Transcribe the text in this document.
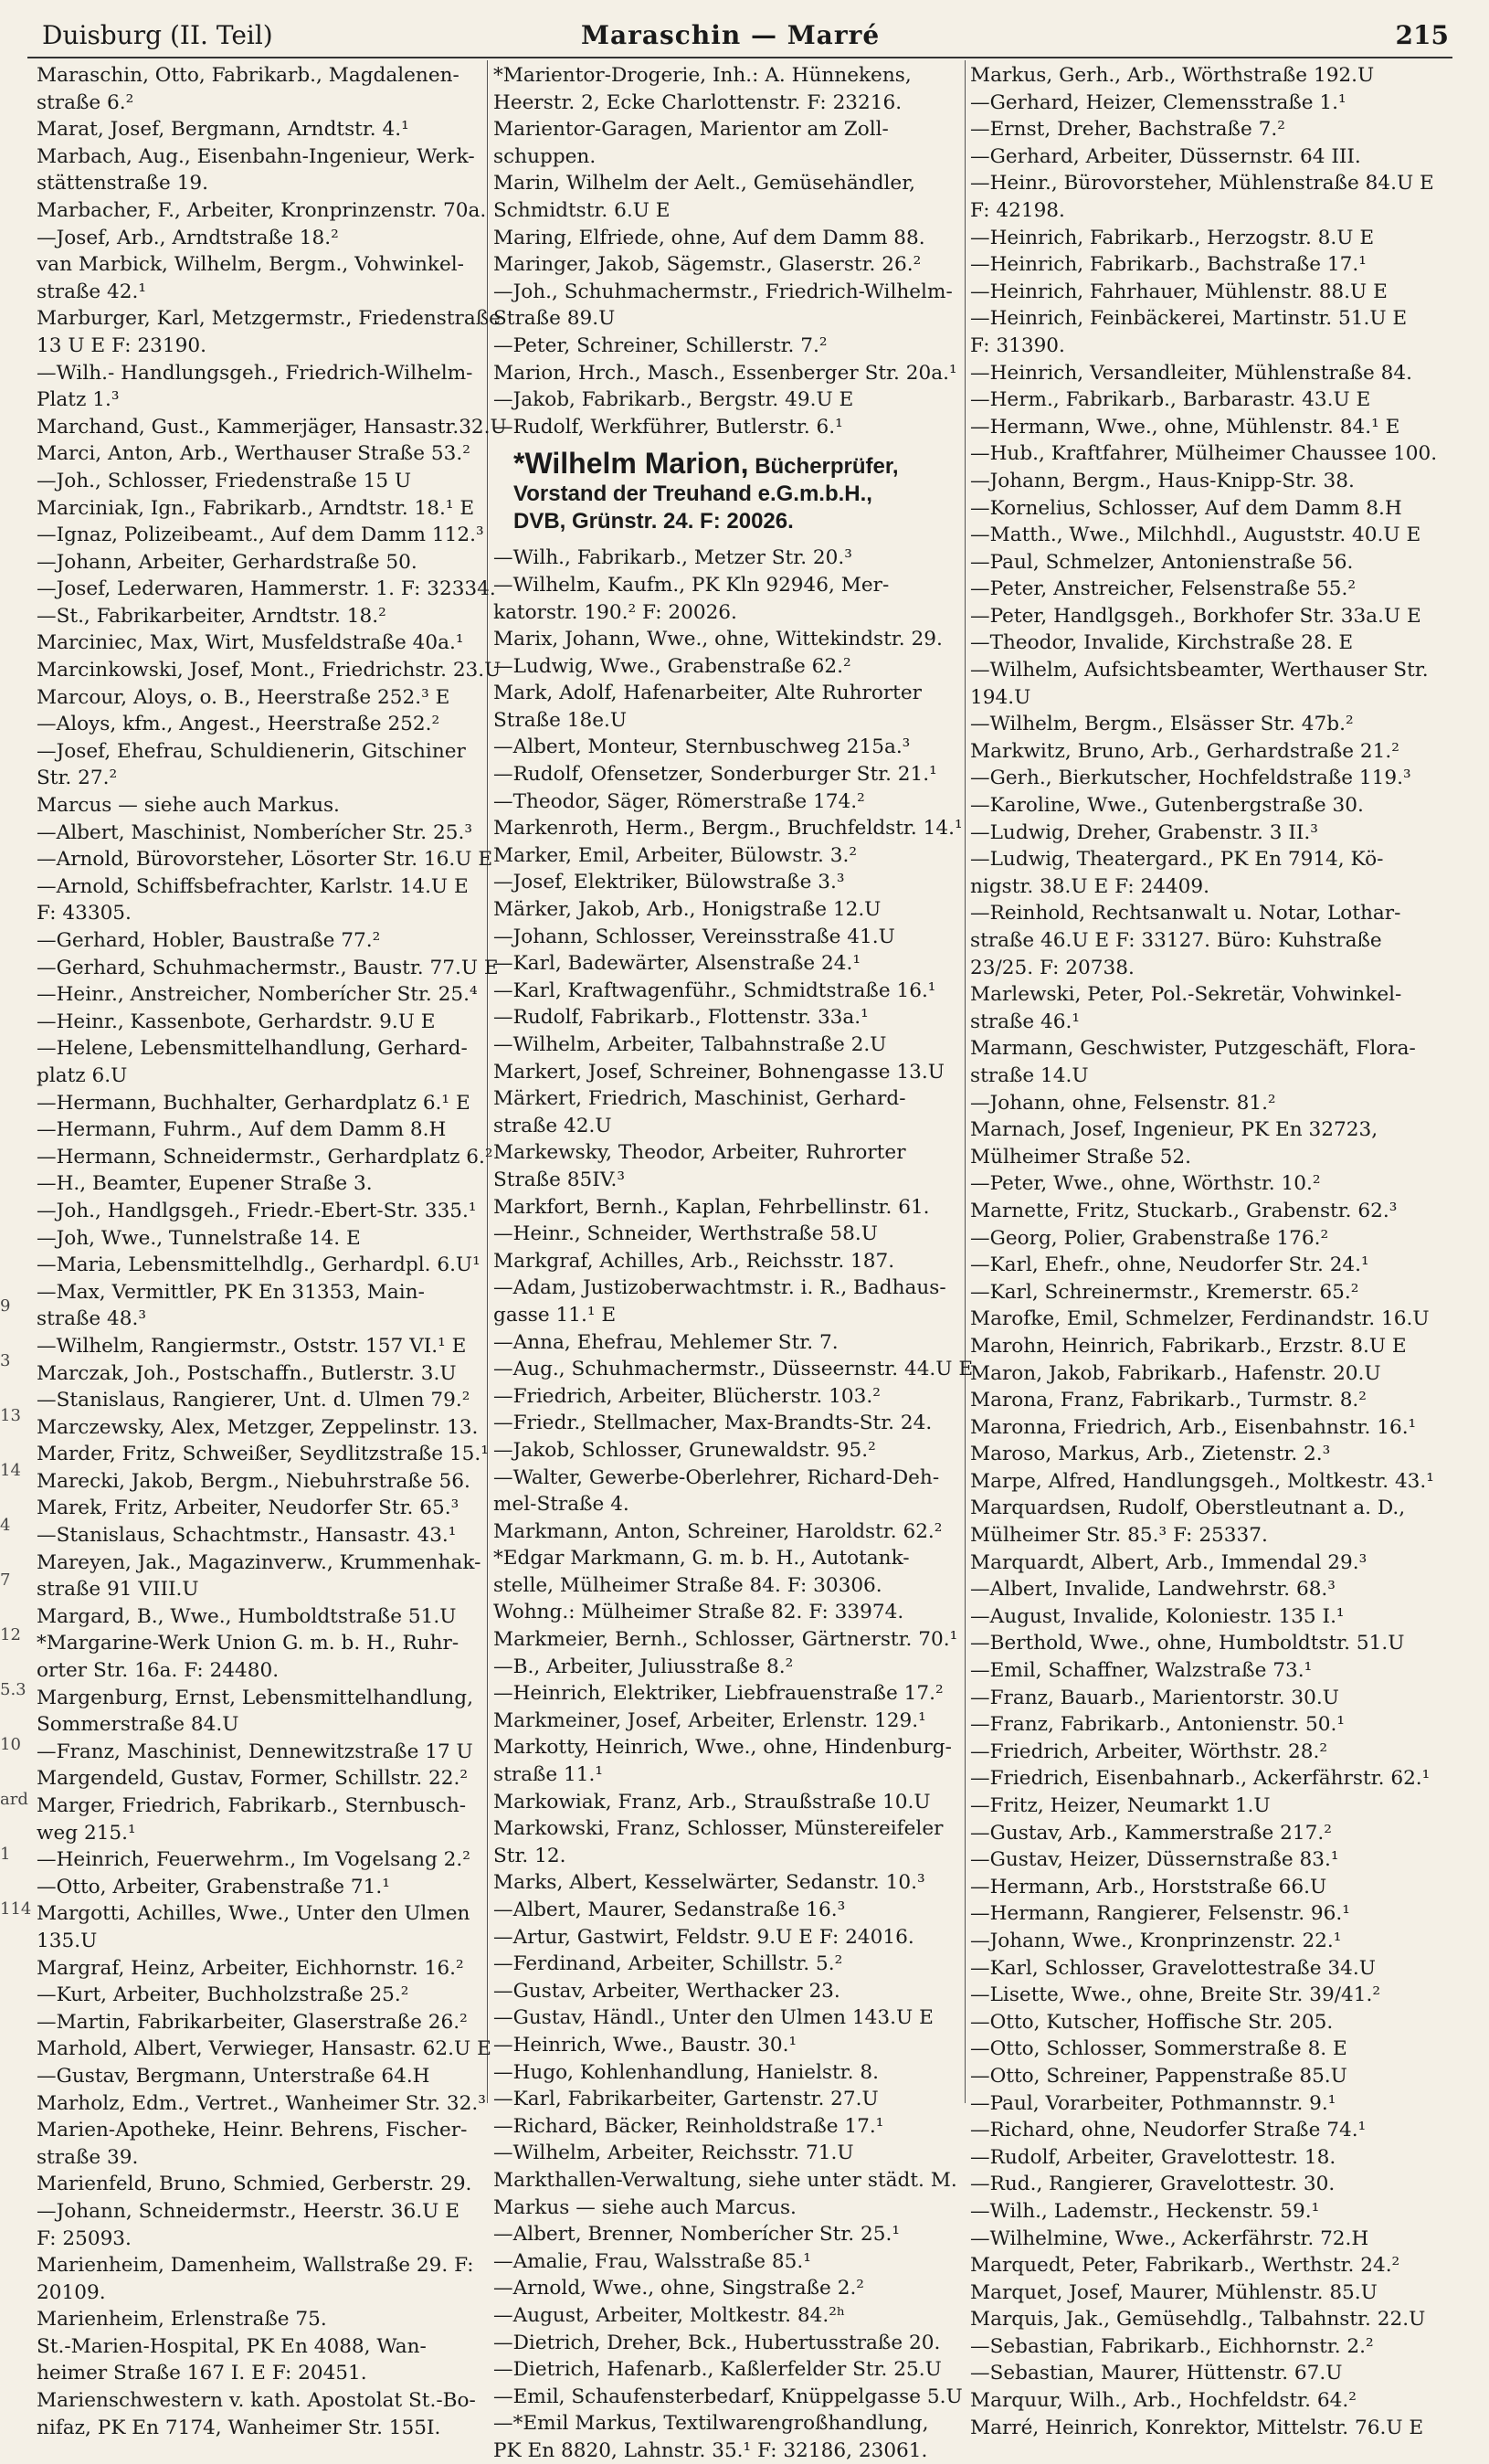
Duisburg (II. Teil)	Maraschin — Marré	215
9
3
13
14
4
7
12
5.3
10
ard
1
114
Maraschin, Otto, Fabrikarb., Magdalenen-
straße 6.²
Marat, Josef, Bergmann, Arndtstr. 4.¹
Marbach, Aug., Eisenbahn-Ingenieur, Werk-
stättenstraße 19.
Marbacher, F., Arbeiter, Kronprinzenstr. 70a.
—Josef, Arb., Arndtstraße 18.²
van Marbick, Wilhelm, Bergm., Vohwinkel-
straße 42.¹
Marburger, Karl, Metzgermstr., Friedenstraße
13 U E F: 23190.
—Wilh.- Handlungsgeh., Friedrich-Wilhelm-
Platz 1.³
Marchand, Gust., Kammerjäger, Hansastr.32.U
Marci, Anton, Arb., Werthauser Straße 53.²
—Joh., Schlosser, Friedenstraße 15 U
Marciniak, Ign., Fabrikarb., Arndtstr. 18.¹ E
—Ignaz, Polizeibeamt., Auf dem Damm 112.³
—Johann, Arbeiter, Gerhardstraße 50.
—Josef, Lederwaren, Hammerstr. 1. F: 32334.
—St., Fabrikarbeiter, Arndtstr. 18.²
Marciniec, Max, Wirt, Musfeldstraße 40a.¹
Marcinkowski, Josef, Mont., Friedrichstr. 23.U
Marcour, Aloys, o. B., Heerstraße 252.³ E
—Aloys, kfm., Angest., Heerstraße 252.²
—Josef, Ehefrau, Schuldienerin, Gitschiner
Str. 27.²
Marcus — siehe auch Markus.
—Albert, Maschinist, Nomberícher Str. 25.³
—Arnold, Bürovorsteher, Lösorter Str. 16.U E
—Arnold, Schiffsbefrachter, Karlstr. 14.U E
F: 43305.
—Gerhard, Hobler, Baustraße 77.²
—Gerhard, Schuhmachermstr., Baustr. 77.U E
—Heinr., Anstreicher, Nomberícher Str. 25.⁴
—Heinr., Kassenbote, Gerhardstr. 9.U E
—Helene, Lebensmittelhandlung, Gerhard-
platz 6.U
—Hermann, Buchhalter, Gerhardplatz 6.¹ E
—Hermann, Fuhrm., Auf dem Damm 8.H
—Hermann, Schneidermstr., Gerhardplatz 6.²
—H., Beamter, Eupener Straße 3.
—Joh., Handlgsgeh., Friedr.-Ebert-Str. 335.¹
—Joh, Wwe., Tunnelstraße 14. E
—Maria, Lebensmittelhdlg., Gerhardpl. 6.U¹
—Max, Vermittler, PK En 31353, Main-
straße 48.³
—Wilhelm, Rangiermstr., Oststr. 157 VI.¹ E
Marczak, Joh., Postschaffn., Butlerstr. 3.U
—Stanislaus, Rangierer, Unt. d. Ulmen 79.²
Marczewsky, Alex, Metzger, Zeppelinstr. 13.
Marder, Fritz, Schweißer, Seydlitzstraße 15.¹
Marecki, Jakob, Bergm., Niebuhrstraße 56.
Marek, Fritz, Arbeiter, Neudorfer Str. 65.³
—Stanislaus, Schachtmstr., Hansastr. 43.¹
Mareyen, Jak., Magazinverw., Krummenhak-
straße 91 VIII.U
Margard, B., Wwe., Humboldtstraße 51.U
*Margarine-Werk Union G. m. b. H., Ruhr-
orter Str. 16a. F: 24480.
Margenburg, Ernst, Lebensmittelhandlung,
Sommerstraße 84.U
—Franz, Maschinist, Dennewitzstraße 17 U
Margendeld, Gustav, Former, Schillstr. 22.²
Marger, Friedrich, Fabrikarb., Sternbusch-
weg 215.¹
—Heinrich, Feuerwehrm., Im Vogelsang 2.²
—Otto, Arbeiter, Grabenstraße 71.¹
Margotti, Achilles, Wwe., Unter den Ulmen
135.U
Margraf, Heinz, Arbeiter, Eichhornstr. 16.²
—Kurt, Arbeiter, Buchholzstraße 25.²
—Martin, Fabrikarbeiter, Glaserstraße 26.²
Marhold, Albert, Verwieger, Hansastr. 62.U E
—Gustav, Bergmann, Unterstraße 64.H
Marholz, Edm., Vertret., Wanheimer Str. 32.³
Marien-Apotheke, Heinr. Behrens, Fischer-
straße 39.
Marienfeld, Bruno, Schmied, Gerberstr. 29.
—Johann, Schneidermstr., Heerstr. 36.U E
F: 25093.
Marienheim, Damenheim, Wallstraße 29. F:
20109.
Marienheim, Erlenstraße 75.
St.-Marien-Hospital, PK En 4088, Wan-
heimer Straße 167 I. E F: 20451.
Marienschwestern v. kath. Apostolat St.-Bo-
nifaz, PK En 7174, Wanheimer Str. 155I.
*Marientor-Drogerie, Inh.: A. Hünnekens,
Heerstr. 2, Ecke Charlottenstr. F: 23216.
Marientor-Garagen, Marientor am Zoll-
schuppen.
Marin, Wilhelm der Aelt., Gemüsehändler,
Schmidtstr. 6.U E
Maring, Elfriede, ohne, Auf dem Damm 88.
Maringer, Jakob, Sägemstr., Glaserstr. 26.²
—Joh., Schuhmachermstr., Friedrich-Wilhelm-
Straße 89.U
—Peter, Schreiner, Schillerstr. 7.²
Marion, Hrch., Masch., Essenberger Str. 20a.¹
—Jakob, Fabrikarb., Bergstr. 49.U E
—Rudolf, Werkführer, Butlerstr. 6.¹
*Wilhelm Marion, Bücherprüfer,
Vorstand der Treuhand e.G.m.b.H.,
DVB, Grünstr. 24. F: 20026.
—Wilh., Fabrikarb., Metzer Str. 20.³
—Wilhelm, Kaufm., PK Kln 92946, Mer-
katorstr. 190.² F: 20026.
Marix, Johann, Wwe., ohne, Wittekindstr. 29.
—Ludwig, Wwe., Grabenstraße 62.²
Mark, Adolf, Hafenarbeiter, Alte Ruhrorter
Straße 18e.U
—Albert, Monteur, Sternbuschweg 215a.³
—Rudolf, Ofensetzer, Sonderburger Str. 21.¹
—Theodor, Säger, Römerstraße 174.²
Markenroth, Herm., Bergm., Bruchfeldstr. 14.¹
Marker, Emil, Arbeiter, Bülowstr. 3.²
—Josef, Elektriker, Bülowstraße 3.³
Märker, Jakob, Arb., Honigstraße 12.U
—Johann, Schlosser, Vereinsstraße 41.U
—Karl, Badewärter, Alsenstraße 24.¹
—Karl, Kraftwagenführ., Schmidtstraße 16.¹
—Rudolf, Fabrikarb., Flottenstr. 33a.¹
—Wilhelm, Arbeiter, Talbahnstraße 2.U
Markert, Josef, Schreiner, Bohnengasse 13.U
Märkert, Friedrich, Maschinist, Gerhard-
straße 42.U
Markewsky, Theodor, Arbeiter, Ruhrorter
Straße 85IV.³
Markfort, Bernh., Kaplan, Fehrbellinstr. 61.
—Heinr., Schneider, Werthstraße 58.U
Markgraf, Achilles, Arb., Reichsstr. 187.
—Adam, Justizoberwachtmstr. i. R., Badhaus-
gasse 11.¹ E
—Anna, Ehefrau, Mehlemer Str. 7.
—Aug., Schuhmachermstr., Düsseernstr. 44.U E
—Friedrich, Arbeiter, Blücherstr. 103.²
—Friedr., Stellmacher, Max-Brandts-Str. 24.
—Jakob, Schlosser, Grunewaldstr. 95.²
—Walter, Gewerbe-Oberlehrer, Richard-Deh-
mel-Straße 4.
Markmann, Anton, Schreiner, Haroldstr. 62.²
*Edgar Markmann, G. m. b. H., Autotank-
stelle, Mülheimer Straße 84. F: 30306.
Wohng.: Mülheimer Straße 82. F: 33974.
Markmeier, Bernh., Schlosser, Gärtnerstr. 70.¹
—B., Arbeiter, Juliusstraße 8.²
—Heinrich, Elektriker, Liebfrauenstraße 17.²
Markmeiner, Josef, Arbeiter, Erlenstr. 129.¹
Markotty, Heinrich, Wwe., ohne, Hindenburg-
straße 11.¹
Markowiak, Franz, Arb., Straußstraße 10.U
Markowski, Franz, Schlosser, Münstereifeler
Str. 12.
Marks, Albert, Kesselwärter, Sedanstr. 10.³
—Albert, Maurer, Sedanstraße 16.³
—Artur, Gastwirt, Feldstr. 9.U E F: 24016.
—Ferdinand, Arbeiter, Schillstr. 5.²
—Gustav, Arbeiter, Werthacker 23.
—Gustav, Händl., Unter den Ulmen 143.U E
—Heinrich, Wwe., Baustr. 30.¹
—Hugo, Kohlenhandlung, Hanielstr. 8.
—Karl, Fabrikarbeiter, Gartenstr. 27.U
—Richard, Bäcker, Reinholdstraße 17.¹
—Wilhelm, Arbeiter, Reichsstr. 71.U
Markthallen-Verwaltung, siehe unter städt. M.
Markus — siehe auch Marcus.
—Albert, Brenner, Nomberícher Str. 25.¹
—Amalie, Frau, Walsstraße 85.¹
—Arnold, Wwe., ohne, Singstraße 2.²
—August, Arbeiter, Moltkestr. 84.²ʰ
—Dietrich, Dreher, Bck., Hubertusstraße 20.
—Dietrich, Hafenarb., Kaßlerfelder Str. 25.U
—Emil, Schaufensterbedarf, Knüppelgasse 5.U
—*Emil Markus, Textilwarengroßhandlung,
PK En 8820, Lahnstr. 35.¹ F: 32186, 23061.
Markus, Gerh., Arb., Wörthstraße 192.U
—Gerhard, Heizer, Clemensstraße 1.¹
—Ernst, Dreher, Bachstraße 7.²
—Gerhard, Arbeiter, Düssernstr. 64 III.
—Heinr., Bürovorsteher, Mühlenstraße 84.U E
F: 42198.
—Heinrich, Fabrikarb., Herzogstr. 8.U E
—Heinrich, Fabrikarb., Bachstraße 17.¹
—Heinrich, Fahrhauer, Mühlenstr. 88.U E
—Heinrich, Feinbäckerei, Martinstr. 51.U E
F: 31390.
—Heinrich, Versandleiter, Mühlenstraße 84.
—Herm., Fabrikarb., Barbarastr. 43.U E
—Hermann, Wwe., ohne, Mühlenstr. 84.¹ E
—Hub., Kraftfahrer, Mülheimer Chaussee 100.
—Johann, Bergm., Haus-Knipp-Str. 38.
—Kornelius, Schlosser, Auf dem Damm 8.H
—Matth., Wwe., Milchhdl., Auguststr. 40.U E
—Paul, Schmelzer, Antonienstraße 56.
—Peter, Anstreicher, Felsenstraße 55.²
—Peter, Handlgsgeh., Borkhofer Str. 33a.U E
—Theodor, Invalide, Kirchstraße 28. E
—Wilhelm, Aufsichtsbeamter, Werthauser Str.
194.U
—Wilhelm, Bergm., Elsässer Str. 47b.²
Markwitz, Bruno, Arb., Gerhardstraße 21.²
—Gerh., Bierkutscher, Hochfeldstraße 119.³
—Karoline, Wwe., Gutenbergstraße 30.
—Ludwig, Dreher, Grabenstr. 3 II.³
—Ludwig, Theatergard., PK En 7914, Kö-
nigstr. 38.U E F: 24409.
—Reinhold, Rechtsanwalt u. Notar, Lothar-
straße 46.U E F: 33127. Büro: Kuhstraße
23/25. F: 20738.
Marlewski, Peter, Pol.-Sekretär, Vohwinkel-
straße 46.¹
Marmann, Geschwister, Putzgeschäft, Flora-
straße 14.U
—Johann, ohne, Felsenstr. 81.²
Marnach, Josef, Ingenieur, PK En 32723,
Mülheimer Straße 52.
—Peter, Wwe., ohne, Wörthstr. 10.²
Marnette, Fritz, Stuckarb., Grabenstr. 62.³
—Georg, Polier, Grabenstraße 176.²
—Karl, Ehefr., ohne, Neudorfer Str. 24.¹
—Karl, Schreinermstr., Kremerstr. 65.²
Marofke, Emil, Schmelzer, Ferdinandstr. 16.U
Marohn, Heinrich, Fabrikarb., Erzstr. 8.U E
Maron, Jakob, Fabrikarb., Hafenstr. 20.U
Marona, Franz, Fabrikarb., Turmstr. 8.²
Maronna, Friedrich, Arb., Eisenbahnstr. 16.¹
Maroso, Markus, Arb., Zietenstr. 2.³
Marpe, Alfred, Handlungsgeh., Moltkestr. 43.¹
Marquardsen, Rudolf, Oberstleutnant a. D.,
Mülheimer Str. 85.³ F: 25337.
Marquardt, Albert, Arb., Immendal 29.³
—Albert, Invalide, Landwehrstr. 68.³
—August, Invalide, Koloniestr. 135 I.¹
—Berthold, Wwe., ohne, Humboldtstr. 51.U
—Emil, Schaffner, Walzstraße 73.¹
—Franz, Bauarb., Marientorstr. 30.U
—Franz, Fabrikarb., Antonienstr. 50.¹
—Friedrich, Arbeiter, Wörthstr. 28.²
—Friedrich, Eisenbahnarb., Ackerfährstr. 62.¹
—Fritz, Heizer, Neumarkt 1.U
—Gustav, Arb., Kammerstraße 217.²
—Gustav, Heizer, Düssernstraße 83.¹
—Hermann, Arb., Horststraße 66.U
—Hermann, Rangierer, Felsenstr. 96.¹
—Johann, Wwe., Kronprinzenstr. 22.¹
—Karl, Schlosser, Gravelottestraße 34.U
—Lisette, Wwe., ohne, Breite Str. 39/41.²
—Otto, Kutscher, Hoffische Str. 205.
—Otto, Schlosser, Sommerstraße 8. E
—Otto, Schreiner, Pappenstraße 85.U
—Paul, Vorarbeiter, Pothmannstr. 9.¹
—Richard, ohne, Neudorfer Straße 74.¹
—Rudolf, Arbeiter, Gravelottestr. 18.
—Rud., Rangierer, Gravelottestr. 30.
—Wilh., Lademstr., Heckenstr. 59.¹
—Wilhelmine, Wwe., Ackerfährstr. 72.H
Marquedt, Peter, Fabrikarb., Werthstr. 24.²
Marquet, Josef, Maurer, Mühlenstr. 85.U
Marquis, Jak., Gemüsehdlg., Talbahnstr. 22.U
—Sebastian, Fabrikarb., Eichhornstr. 2.²
—Sebastian, Maurer, Hüttenstr. 67.U
Marquur, Wilh., Arb., Hochfeldstr. 64.²
Marré, Heinrich, Konrektor, Mittelstr. 76.U E
